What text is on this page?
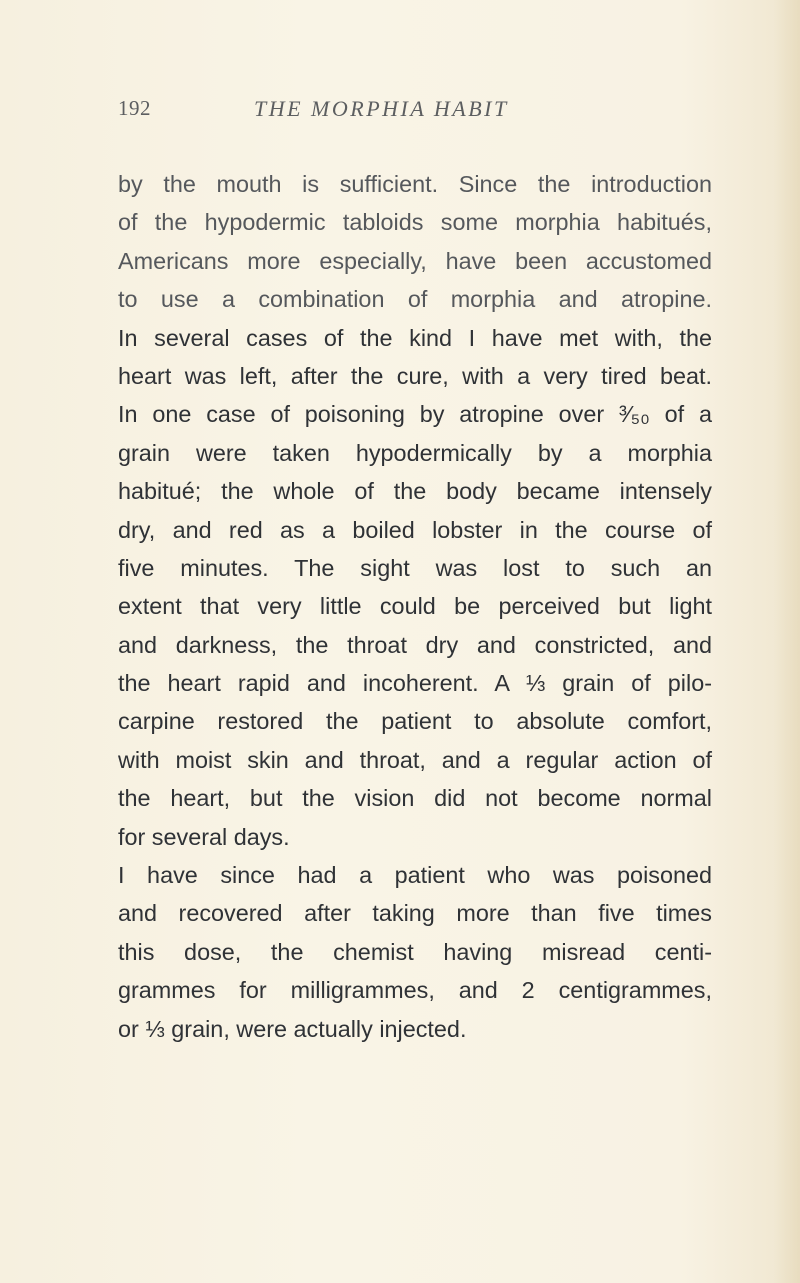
192	THE MORPHIA HABIT
by the mouth is sufficient. Since the introduction
of the hypodermic tabloids some morphia habitués,
Americans more especially, have been accustomed
to use a combination of morphia and atropine.
In several cases of the kind I have met with, the
heart was left, after the cure, with a very tired beat.
In one case of poisoning by atropine over ³⁄₅₀ of a
grain were taken hypodermically by a morphia
habitué; the whole of the body became intensely
dry, and red as a boiled lobster in the course of
five minutes. The sight was lost to such an
extent that very little could be perceived but light
and darkness, the throat dry and constricted, and
the heart rapid and incoherent. A ⅓ grain of pilo-
carpine restored the patient to absolute comfort,
with moist skin and throat, and a regular action of
the heart, but the vision did not become normal
for several days.
I have since had a patient who was poisoned
and recovered after taking more than five times
this dose, the chemist having misread centi-
grammes for milligrammes, and 2 centigrammes,
or ⅓ grain, were actually injected.
